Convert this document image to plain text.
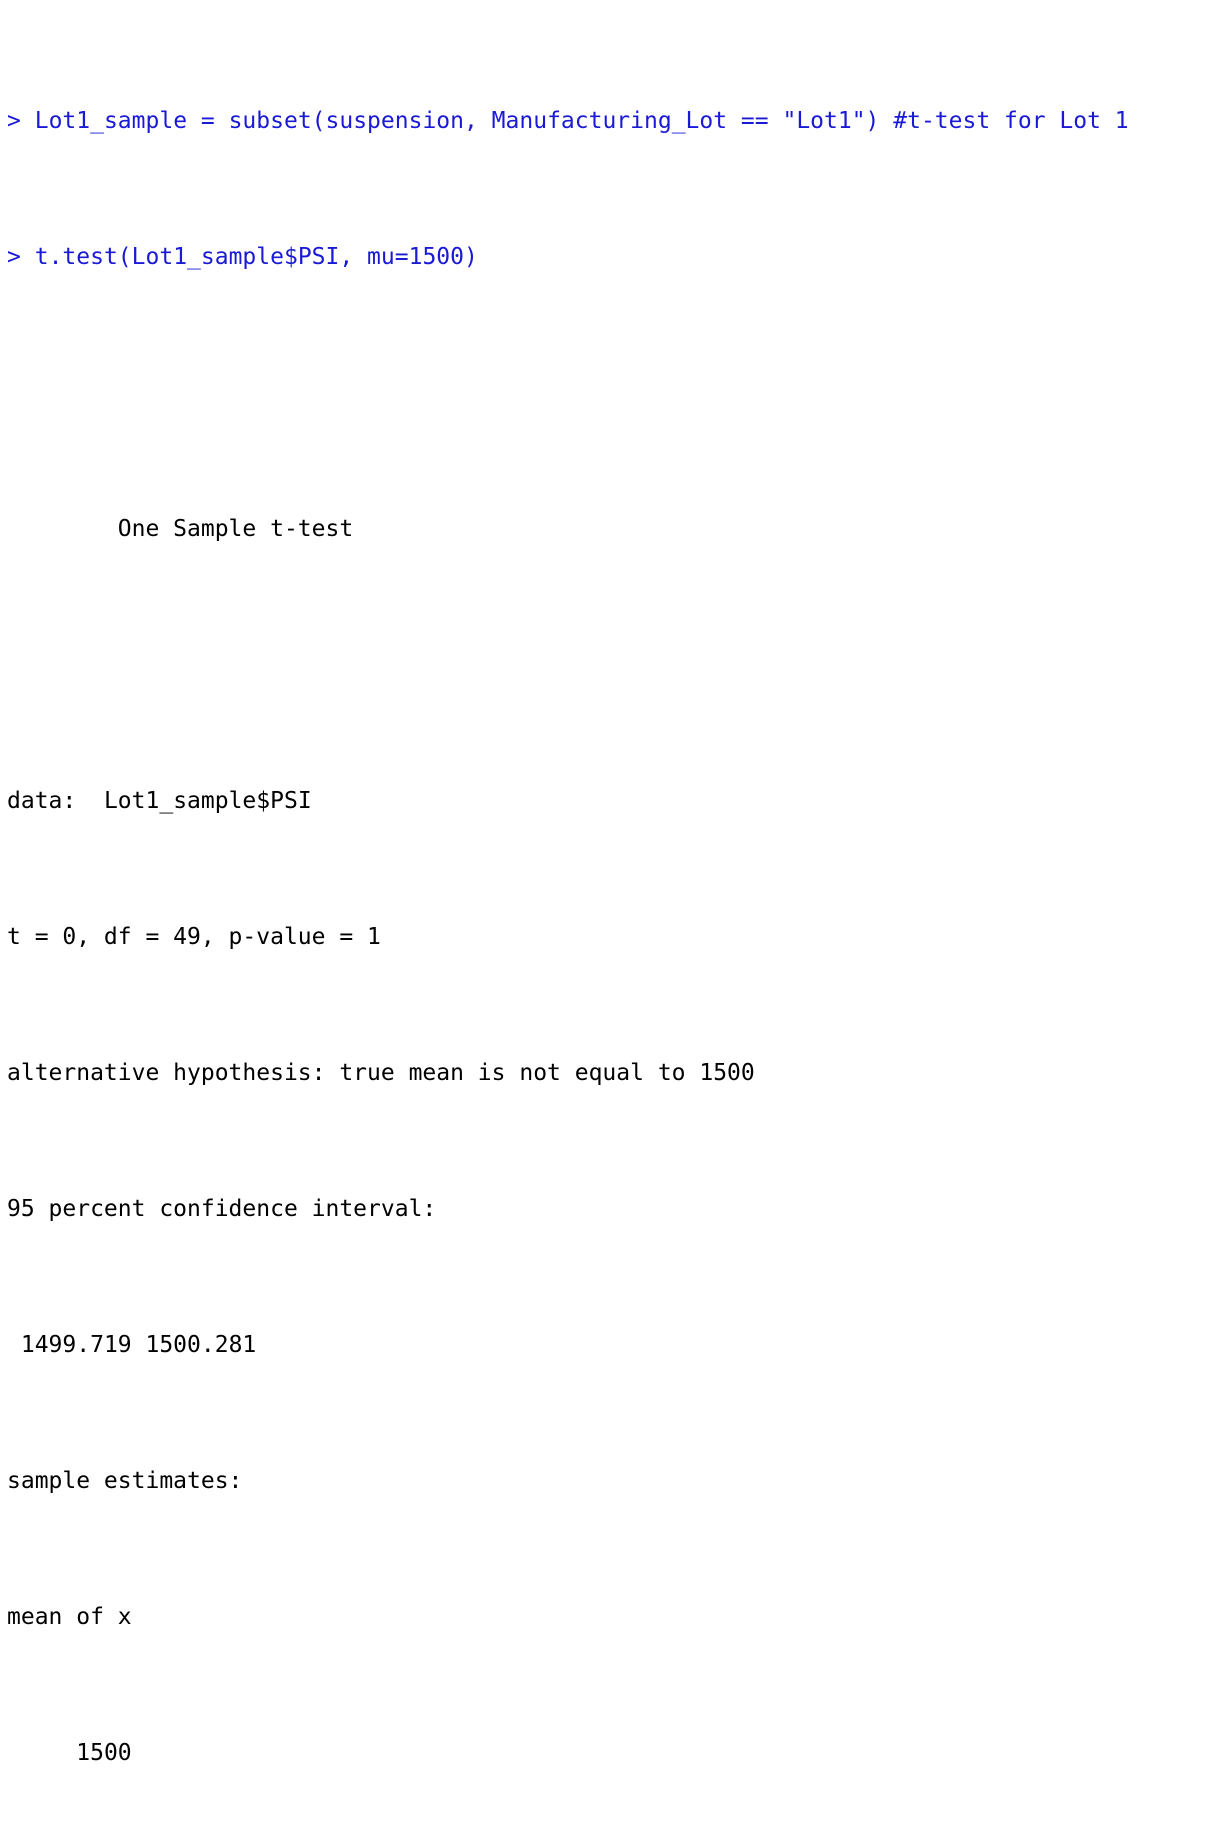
> Lot1_sample = subset(suspension, Manufacturing_Lot == "Lot1") #t-test for Lot 1

> t.test(Lot1_sample$PSI, mu=1500)

One Sample t-test

data: Lot1_sample$PSI

t = 0, df = 49, p-value = 1

alternative hypothesis: true mean is not equal to 1500

95 percent confidence interval:

1499.719 1500.281

sample estimates:

mean of x

1500
